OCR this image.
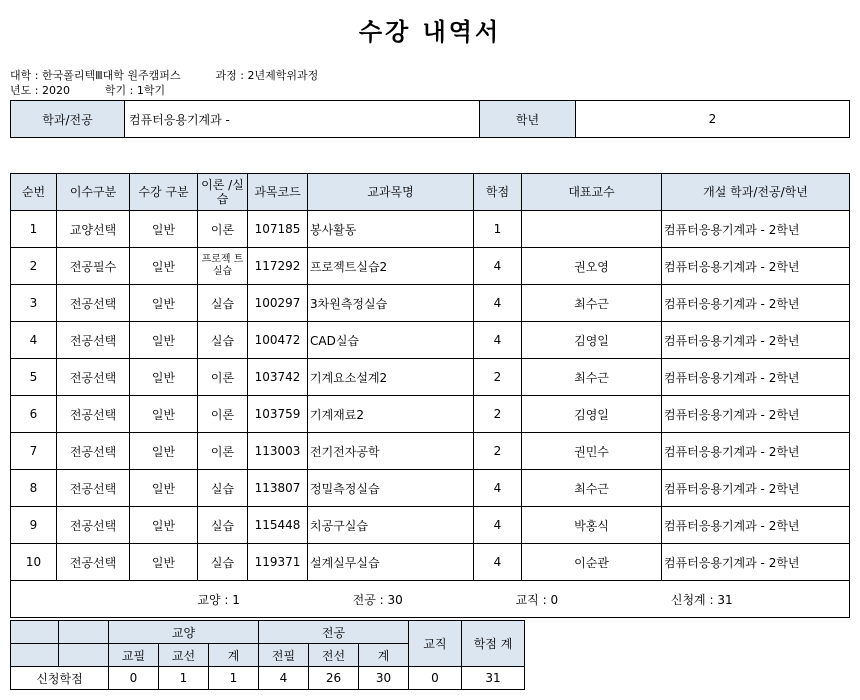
수강 내역서
대학 : 한국폴리텍Ⅲ대학 원주캠퍼스          과정 : 2년제학위과정
년도 : 2020          학기 : 1학기
학과/전공	컴퓨터응용기계과 -	학년	2
순번	이수구분	수강 구분	이론 /실습	과목코드	교과목명	학점	대표교수	개설 학과/전공/학년
1	교양선택	일반	이론	107185	봉사활동	1		컴퓨터응용기계과 - 2학년
2	전공필수	일반	프로젝 트실습	117292	프로젝트실습2	4	권오영	컴퓨터응용기계과 - 2학년
3	전공선택	일반	실습	100297	3차원측정실습	4	최수근	컴퓨터응용기계과 - 2학년
4	전공선택	일반	실습	100472	CAD실습	4	김영일	컴퓨터응용기계과 - 2학년
5	전공선택	일반	이론	103742	기계요소설계2	2	최수근	컴퓨터응용기계과 - 2학년
6	전공선택	일반	이론	103759	기계재료2	2	김영일	컴퓨터응용기계과 - 2학년
7	전공선택	일반	이론	113003	전기전자공학	2	권민수	컴퓨터응용기계과 - 2학년
8	전공선택	일반	실습	113807	정밀측정실습	4	최수근	컴퓨터응용기계과 - 2학년
9	전공선택	일반	실습	115448	치공구실습	4	박홍식	컴퓨터응용기계과 - 2학년
10	전공선택	일반	실습	119371	설계실무실습	4	이순관	컴퓨터응용기계과 - 2학년

교양 : 1 전공 : 30 교직 : 0 신청계 : 31								
		교양			전공			교직	학점 계
		교필	교선	계	전필	전선	계		
신청학점		0	1	1	4	26	30	0	31
